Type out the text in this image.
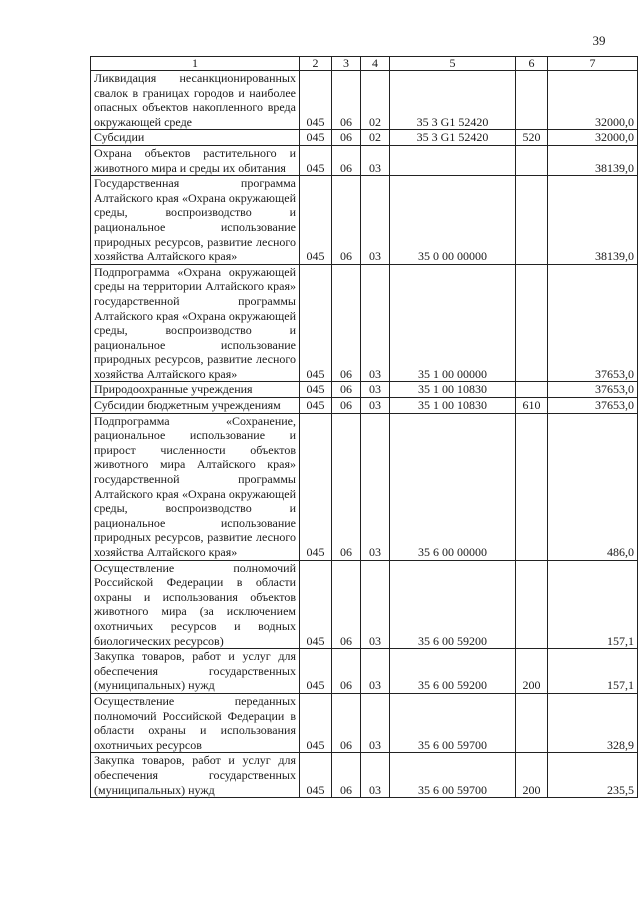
39
1	2	3	4	5	6	7
Ликвидация несанкционированных свалок в границах городов и наиболее опасных объектов накопленного вреда окружающей среде	045	06	02	35 3 G1 52420		32000,0
Субсидии	045	06	02	35 3 G1 52420	520	32000,0
Охрана объектов растительного и животного мира и среды их обитания	045	06	03			38139,0
Государственная программа Алтайского края «Охрана окружающей среды, воспроизводство и рациональное использование природных ресурсов, развитие лесного хозяйства Алтайского края»	045	06	03	35 0 00 00000		38139,0
Подпрограмма «Охрана окружающей среды на территории Алтайского края» государственной программы Алтайского края «Охрана окружающей среды, воспроизводство и рациональное использование природных ресурсов, развитие лесного хозяйства Алтайского края»	045	06	03	35 1 00 00000		37653,0
Природоохранные учреждения	045	06	03	35 1 00 10830		37653,0
Субсидии бюджетным учреждениям	045	06	03	35 1 00 10830	610	37653,0
Подпрограмма «Сохранение, рациональное использование и прирост численности объектов животного мира Алтайского края» государственной программы Алтайского края «Охрана окружающей среды, воспроизводство и рациональное использование природных ресурсов, развитие лесного хозяйства Алтайского края»	045	06	03	35 6 00 00000		486,0
Осуществление полномочий Российской Федерации в области охраны и использования объектов животного мира (за исключением охотничьих ресурсов и водных биологических ресурсов)	045	06	03	35 6 00 59200		157,1
Закупка товаров, работ и услуг для обеспечения государственных (муниципальных) нужд	045	06	03	35 6 00 59200	200	157,1
Осуществление переданных полномочий Российской Федерации в области охраны и использования охотничьих ресурсов	045	06	03	35 6 00 59700		328,9
Закупка товаров, работ и услуг для обеспечения государственных (муниципальных) нужд	045	06	03	35 6 00 59700	200	235,5
